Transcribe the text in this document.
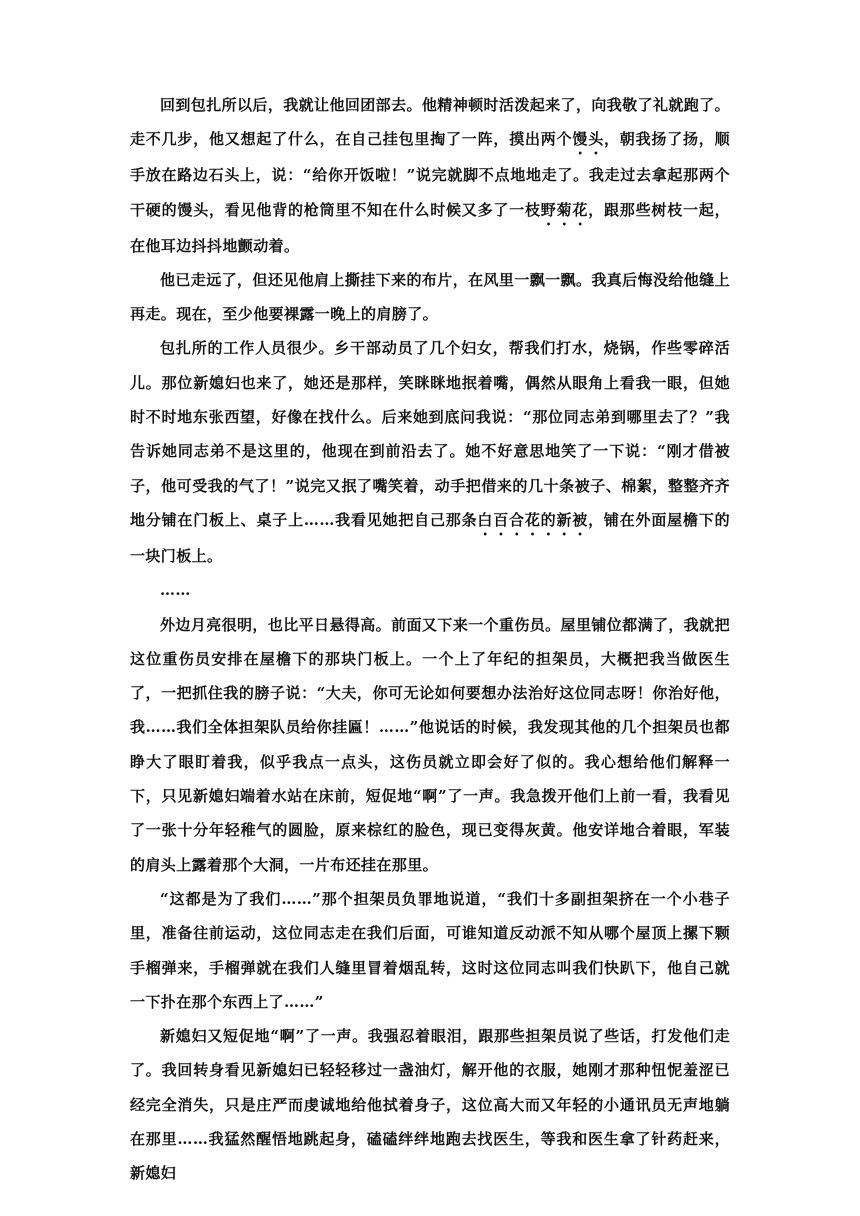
回到包扎所以后，我就让他回团部去。他精神顿时活泼起来了，向我敬了礼就跑了。走不几步，他又想起了什么，在自己挂包里掏了一阵，摸出两个馒头，朝我扬了扬，顺手放在路边石头上，说：“给你开饭啦！”说完就脚不点地地走了。我走过去拿起那两个干硬的馒头，看见他背的枪筒里不知在什么时候又多了一枝野菊花，跟那些树枝一起，在他耳边抖抖地颤动着。

他已走远了，但还见他肩上撕挂下来的布片，在风里一飘一飘。我真后悔没给他缝上再走。现在，至少他要裸露一晚上的肩膀了。

包扎所的工作人员很少。乡干部动员了几个妇女，帮我们打水，烧锅，作些零碎活儿。那位新媳妇也来了，她还是那样，笑眯眯地抿着嘴，偶然从眼角上看我一眼，但她时不时地东张西望，好像在找什么。后来她到底问我说：“那位同志弟到哪里去了？”我告诉她同志弟不是这里的，他现在到前沿去了。她不好意思地笑了一下说：“刚才借被子，他可受我的气了！”说完又抿了嘴笑着，动手把借来的几十条被子、棉絮，整整齐齐地分铺在门板上、桌子上……我看见她把自己那条白百合花的新被，铺在外面屋檐下的一块门板上。

……

外边月亮很明，也比平日悬得高。前面又下来一个重伤员。屋里铺位都满了，我就把这位重伤员安排在屋檐下的那块门板上。一个上了年纪的担架员，大概把我当做医生了，一把抓住我的膀子说：“大夫，你可无论如何要想办法治好这位同志呀！你治好他，我……我们全体担架队员给你挂匾！……”他说话的时候，我发现其他的几个担架员也都睁大了眼盯着我，似乎我点一点头，这伤员就立即会好了似的。我心想给他们解释一下，只见新媳妇端着水站在床前，短促地“啊”了一声。我急拨开他们上前一看，我看见了一张十分年轻稚气的圆脸，原来棕红的脸色，现已变得灰黄。他安详地合着眼，军装的肩头上露着那个大洞，一片布还挂在那里。

“这都是为了我们……”那个担架员负罪地说道，“我们十多副担架挤在一个小巷子里，准备往前运动，这位同志走在我们后面，可谁知道反动派不知从哪个屋顶上摞下颗手榴弹来，手榴弹就在我们人缝里冒着烟乱转，这时这位同志叫我们快趴下，他自己就一下扑在那个东西上了……”

新媳妇又短促地“啊”了一声。我强忍着眼泪，跟那些担架员说了些话，打发他们走了。我回转身看见新媳妇已轻轻移过一盏油灯，解开他的衣服，她刚才那种忸怩羞涩已经完全消失，只是庄严而虔诚地给他拭着身子，这位高大而又年轻的小通讯员无声地躺在那里……我猛然醒悟地跳起身，磕磕绊绊地跑去找医生，等我和医生拿了针药赶来，新媳妇
